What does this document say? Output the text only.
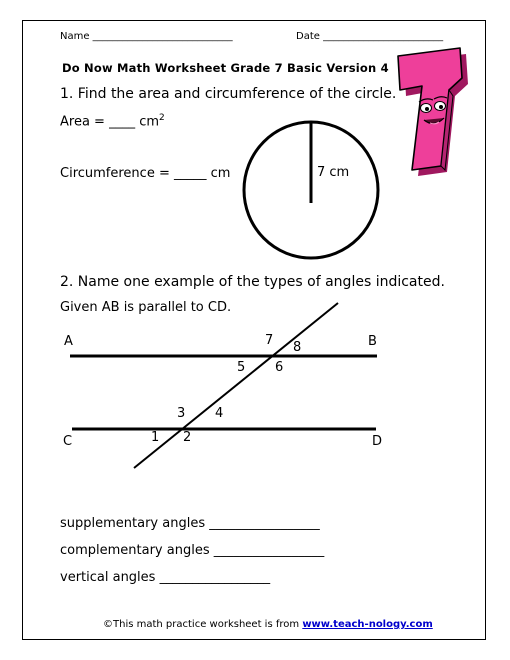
Name ____________________________	Date ________________________
Do Now Math Worksheet Grade 7 Basic Version 4
1. Find the area and circumference of the circle.
Area = ____ $cm^2$
Circumference = _____ cm	7 cm
2. Name one example of the types of angles indicated.
Given AB is parallel to CD.
A	B
C	D
1 2
3 4
5 6
7 8
supplementary angles _________________
complementary angles _________________
vertical angles _________________
©This math practice worksheet is from www.teach-nology.com
